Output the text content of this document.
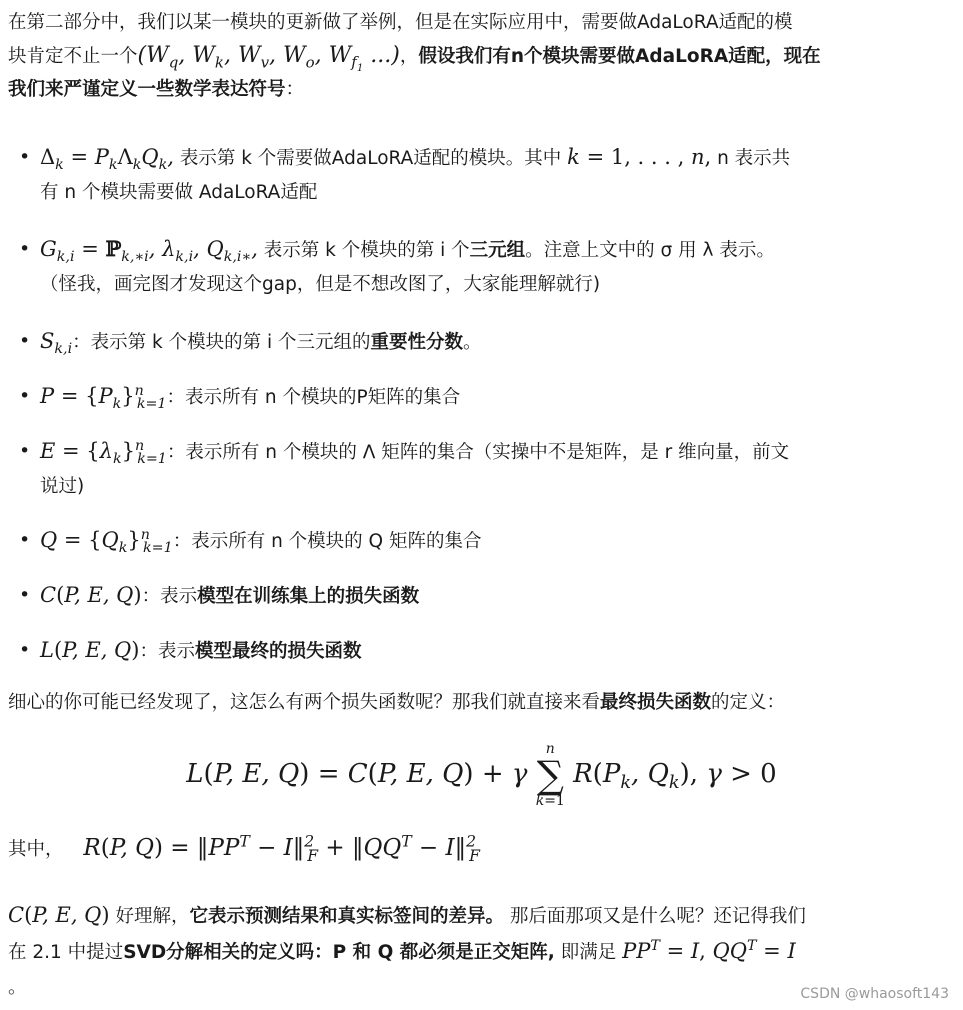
在第二部分中，我们以某一模块的更新做了举例，但是在实际应用中，需要做AdaLoRA适配的模
块肯定不止一个($W_q$, $W_k$, $W_v$, $W_o$, $W_{f_1}$ ...)，假设我们有n个模块需要做AdaLoRA适配，现在
我们来严谨定义一些数学表达符号：

• $\Delta_k = P_k\Lambda_kQ_k$, 表示第 k 个需要做AdaLoRA适配的模块。其中 k = 1, . . . , n, n 表示共
有 n 个模块需要做 AdaLoRA适配
• $G_{k,i}$ = ℙ$_{k,∗i}$, $\lambda_{k,i}$, $Q_{k,i∗}$, 表示第 k 个模块的第 i 个三元组。注意上文中的 σ 用 λ 表示。
（怪我，画完图才发现这个gap，但是不想改图了，大家能理解就行)
• $S_{k,i}$：表示第 k 个模块的第 i 个三元组的重要性分数。
• $P = \{P_k\}^n_{k=1}$：表示所有 n 个模块的P矩阵的集合
• $E = \{\lambda_k\}^n_{k=1}$：表示所有 n 个模块的 Λ 矩阵的集合（实操中不是矩阵，是 r 维向量，前文
说过)
• $Q = \{Q_k\}^n_{k=1}$：表示所有 n 个模块的 Q 矩阵的集合
• C(P, E, Q)：表示模型在训练集上的损失函数
• L(P, E, Q)：表示模型最终的损失函数

细心的你可能已经发现了，这怎么有两个损失函数呢？那我们就直接来看最终损失函数的定义：

L(P, E, Q) = C(P, E, Q) + γ
n
∑
k=1
$R(P_k$, $Q_k$), γ > 0
其中， R(P, $Q) = ‖PP^T$ − I‖$^2_F$ + $‖QQ^T$ − I‖$^2_F$

C(P, E, Q) 好理解，它表示预测结果和真实标签间的差异。 那后面那项又是什么呢？还记得我们
在 2.1 中提过SVD分解相关的定义吗：P 和 Q 都必须是正交矩阵, 即满足 $PP^T = I$, $QQ^T = I$
。	CSDN @whaosoft143
